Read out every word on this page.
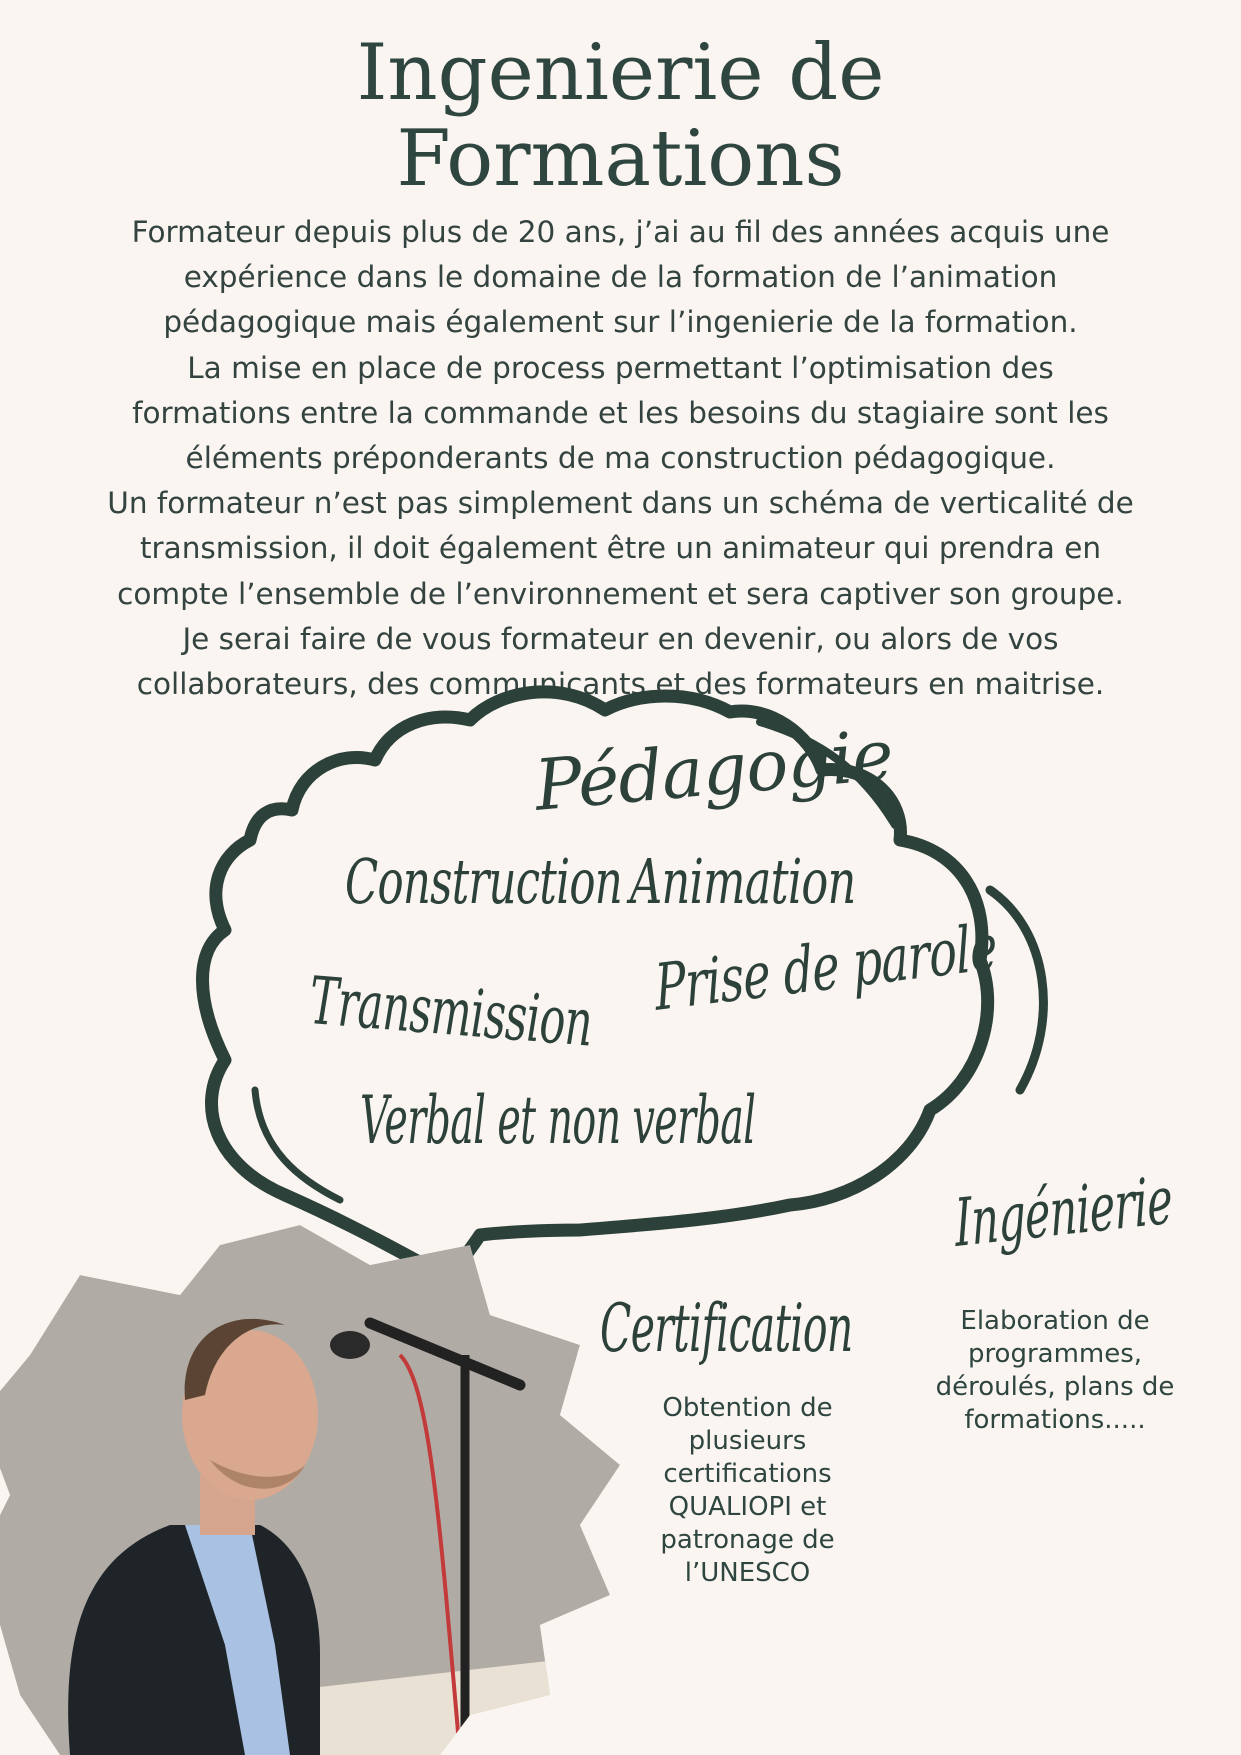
Ingenierie de
Formations
Formateur depuis plus de 20 ans, j’ai au fil des années acquis une
expérience dans le domaine de la formation de l’animation
pédagogique mais également sur l’ingenierie de la formation.
La mise en place de process permettant l’optimisation des
formations entre la commande et les besoins du stagiaire sont les
éléments préponderants de ma construction pédagogique.
Un formateur n’est pas simplement dans un schéma de verticalité de
transmission, il doit également être un animateur qui prendra en
compte l’ensemble de l’environnement et sera captiver son groupe.
Je serai faire de vous formateur en devenir, ou alors de vos
collaborateurs, des communicants et des formateurs en maitrise.
Pédagogie
Construction Animation
Transmission Prise de parole
Verbal et non verbal
Certification
Obtention de
plusieurs
certifications
QUALIOPI et
patronage de
l’UNESCO
Ingénierie
Elaboration de
programmes,
déroulés, plans de
formations.....
